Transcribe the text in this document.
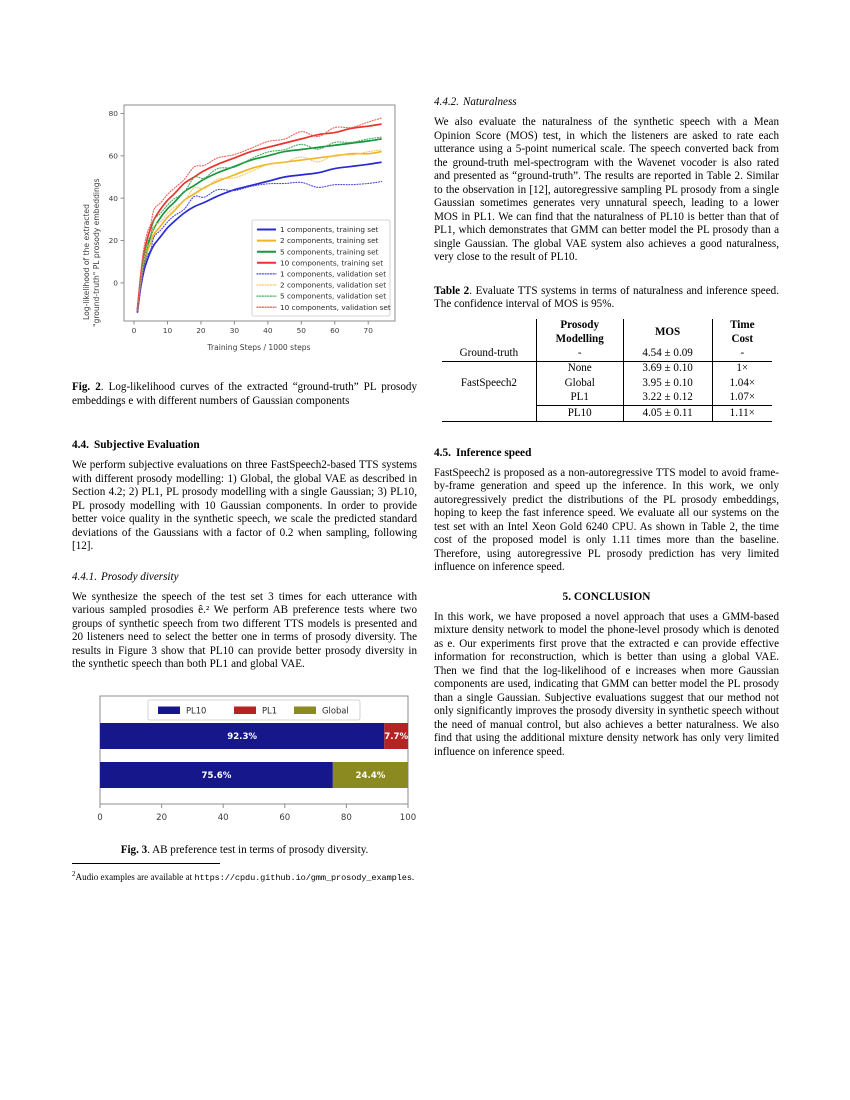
Log-likelihood of the extracted "ground-truth" PL prosody embeddings 0
20
40
60
80
0	10	20	30	40	50	60	70
1 components, training set
2 components, training set
5 components, training set
10 components, training set
1 components, validation set
2 components, validation set
5 components, validation set
10 components, validation set
Training Steps / 1000 steps

Fig. 2. Log-likelihood curves of the extracted “ground-truth” PL prosody embeddings e with different numbers of Gaussian components

4.4. Subjective Evaluation

We perform subjective evaluations on three FastSpeech2-based TTS systems with different prosody modelling: 1) Global, the global VAE as described in Section 4.2; 2) PL1, PL prosody modelling with a single Gaussian; 3) PL10, PL prosody modelling with 10 Gaussian components. In order to provide better voice quality in the synthetic speech, we scale the predicted standard deviations of the Gaussians with a factor of 0.2 when sampling, following [12].

4.4.1. Prosody diversity

We synthesize the speech of the test set 3 times for each utterance with various sampled prosodies ê.² We perform AB preference tests where two groups of synthetic speech from two different TTS models is presented and 20 listeners need to select the better one in terms of prosody diversity. The results in Figure 3 show that PL10 can provide better prosody diversity in the synthetic speech than both PL1 and global VAE.

92.3%	7.7%
75.6%	24.4%
0	20	40	60	80	100
PL10	PL1	Global

Fig. 3. AB preference test in terms of prosody diversity.

$^2$Audio examples are available at https://cpdu.github.io/gmm_prosody_examples.

4.4.2. Naturalness

We also evaluate the naturalness of the synthetic speech with a Mean Opinion Score (MOS) test, in which the listeners are asked to rate each utterance using a 5-point numerical scale. The speech converted back from the ground-truth mel-spectrogram with the Wavenet vocoder is also rated and presented as “ground-truth”. The results are reported in Table 2. Similar to the observation in [12], autoregressive sampling PL prosody from a single Gaussian sometimes generates very unnatural speech, leading to a lower MOS in PL1. We can find that the naturalness of PL10 is better than that of PL1, which demonstrates that GMM can better model the PL prosody than a single Gaussian. The global VAE system also achieves a good naturalness, very close to the result of PL10.

Table 2. Evaluate TTS systems in terms of naturalness and inference speed. The confidence interval of MOS is 95%.

	Prosody
Modelling	MOS	Time
Cost
Ground-truth	-	4.54 ± 0.09	-
FastSpeech2	None	3.69 ± 0.10	1×
	Global	3.95 ± 0.10	1.04×
	PL1	3.22 ± 0.12	1.07×
	PL10	4.05 ± 0.11	1.11×
4.5. Inference speed

FastSpeech2 is proposed as a non-autoregressive TTS model to avoid frame-by-frame generation and speed up the inference. In this work, we only autoregressively predict the distributions of the PL prosody embeddings, hoping to keep the fast inference speed. We evaluate all our systems on the test set with an Intel Xeon Gold 6240 CPU. As shown in Table 2, the time cost of the proposed model is only 1.11 times more than the baseline. Therefore, using autoregressive PL prosody prediction has very limited influence on inference speed.

5. CONCLUSION

In this work, we have proposed a novel approach that uses a GMM-based mixture density network to model the phone-level prosody which is denoted as e. Our experiments first prove that the extracted e can provide effective information for reconstruction, which is better than using a global VAE. Then we find that the log-likelihood of e increases when more Gaussian components are used, indicating that GMM can better model the PL prosody than a single Gaussian. Subjective evaluations suggest that our method not only significantly improves the prosody diversity in synthetic speech without the need of manual control, but also achieves a better naturalness. We also find that using the additional mixture density network has only very limited influence on inference speed.
